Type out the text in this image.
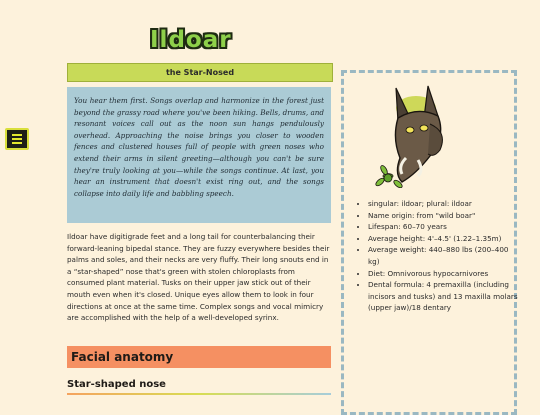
Ildoar
the Star-Nosed
You hear them first. Songs overlap and harmonize in the forest just beyond the grassy road where you've been hiking. Bells, drums, and resonant voices call out as the noon sun hangs pendulously overhead. Approaching the noise brings you closer to wooden fences and clustered houses full of people with green noses who extend their arms in silent greeting—although you can't be sure they're truly looking at you—while the songs continue. At last, you hear an instrument that doesn't exist ring out, and the songs collapse into daily life and babbling speech.
Ildoar have digitigrade feet and a long tail for counterbalancing their forward-leaning bipedal stance. They are fuzzy everywhere besides their palms and soles, and their necks are very fluffy. Their long snouts end in a “star-shaped” nose that's green with stolen chloroplasts from consumed plant material. Tusks on their upper jaw stick out of their mouth even when it's closed. Unique eyes allow them to look in four directions at once at the same time. Complex songs and vocal mimicry are accomplished with the help of a well-developed syrinx.
Facial anatomy
Star-shaped nose
• singular: ildoar; plural: ildoar
• Name origin: from "wild boar"
• Lifespan: 60–70 years
• Average height: 4'–4.5' (1.22–1.35m)
• Average weight: 440–880 lbs (200–400 kg)
• Diet: Omnivorous hypocarnivores
• Dental formula: 4 premaxilla (including incisors and tusks) and 13 maxilla molars (upper jaw)/18 dentary
